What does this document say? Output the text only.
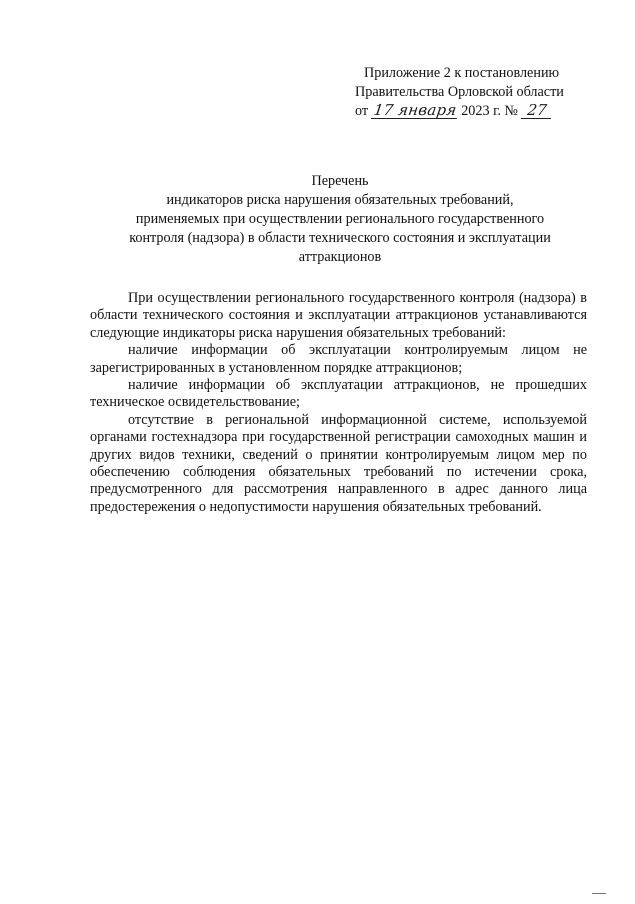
Приложение 2 к постановлению
Правительства Орловской области
от 17 января 2023 г. № 27
Перечень
индикаторов риска нарушения обязательных требований,
применяемых при осуществлении регионального государственного
контроля (надзора) в области технического состояния и эксплуатации
аттракционов

При осуществлении регионального государственного контроля (надзора) в области технического состояния и эксплуатации аттракционов устанавливаются следующие индикаторы риска нарушения обязательных требований:

наличие информации об эксплуатации контролируемым лицом не зарегистрированных в установленном порядке аттракционов;

наличие информации об эксплуатации аттракционов, не прошедших техническое освидетельствование;

отсутствие в региональной информационной системе, используемой органами гостехнадзора при государственной регистрации самоходных машин и других видов техники, сведений о принятии контролируемым лицом мер по обеспечению соблюдения обязательных требований по истечении срока, предусмотренного для рассмотрения направленного в адрес данного лица предостережения о недопустимости нарушения обязательных требований.
